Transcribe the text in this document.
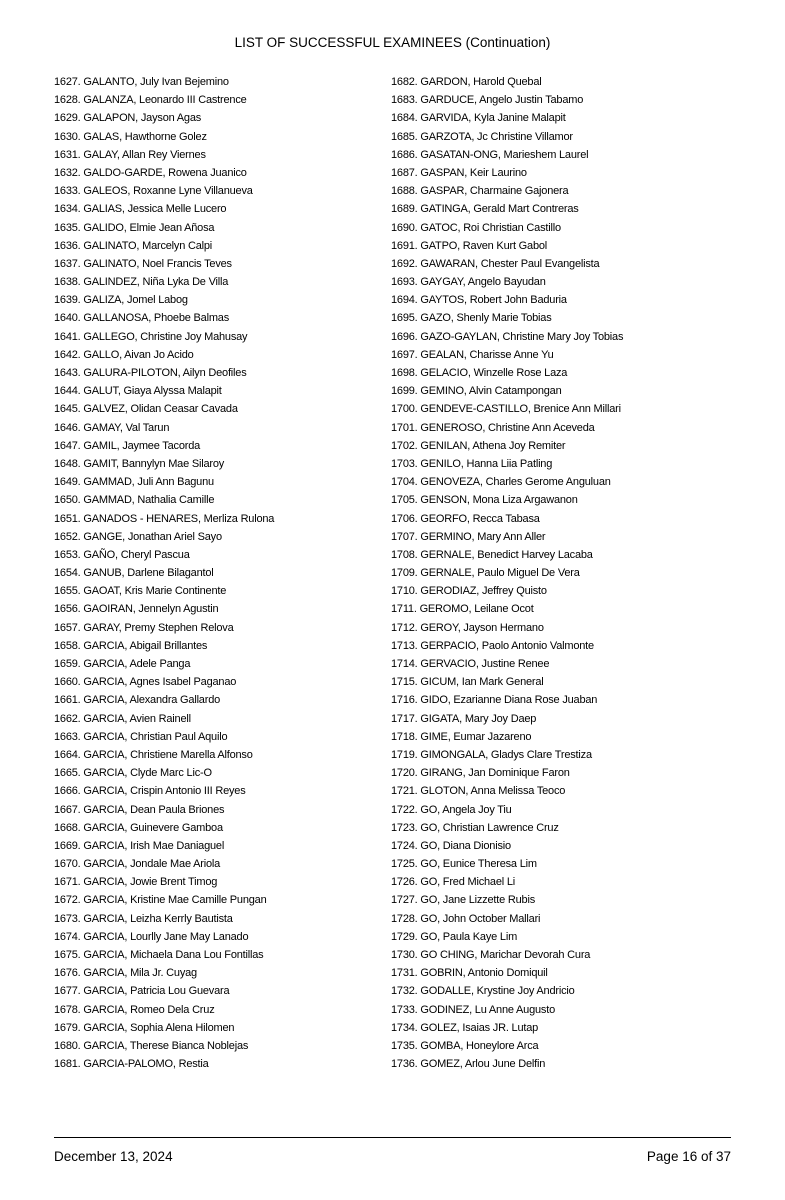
LIST OF SUCCESSFUL EXAMINEES (Continuation)
1627. GALANTO, July Ivan Bejemino
1628. GALANZA, Leonardo III Castrence
1629. GALAPON, Jayson Agas
1630. GALAS, Hawthorne Golez
1631. GALAY, Allan Rey Viernes
1632. GALDO-GARDE, Rowena Juanico
1633. GALEOS, Roxanne Lyne Villanueva
1634. GALIAS, Jessica Melle Lucero
1635. GALIDO, Elmie Jean Añosa
1636. GALINATO, Marcelyn Calpi
1637. GALINATO, Noel Francis Teves
1638. GALINDEZ, Niña Lyka De Villa
1639. GALIZA, Jomel Labog
1640. GALLANOSA, Phoebe Balmas
1641. GALLEGO, Christine Joy Mahusay
1642. GALLO, Aivan Jo Acido
1643. GALURA-PILOTON, Ailyn Deofiles
1644. GALUT, Giaya Alyssa Malapit
1645. GALVEZ, Olidan Ceasar Cavada
1646. GAMAY, Val Tarun
1647. GAMIL, Jaymee Tacorda
1648. GAMIT, Bannylyn Mae Silaroy
1649. GAMMAD, Juli Ann Bagunu
1650. GAMMAD, Nathalia Camille
1651. GANADOS - HENARES, Merliza Rulona
1652. GANGE, Jonathan Ariel Sayo
1653. GAÑO, Cheryl Pascua
1654. GANUB, Darlene Bilagantol
1655. GAOAT, Kris Marie Continente
1656. GAOIRAN, Jennelyn Agustin
1657. GARAY, Premy Stephen Relova
1658. GARCIA, Abigail Brillantes
1659. GARCIA, Adele Panga
1660. GARCIA, Agnes Isabel Paganao
1661. GARCIA, Alexandra Gallardo
1662. GARCIA, Avien Rainell
1663. GARCIA, Christian Paul Aquilo
1664. GARCIA, Christiene Marella Alfonso
1665. GARCIA, Clyde Marc Lic-O
1666. GARCIA, Crispin Antonio III Reyes
1667. GARCIA, Dean Paula Briones
1668. GARCIA, Guinevere Gamboa
1669. GARCIA, Irish Mae Daniaguel
1670. GARCIA, Jondale Mae Ariola
1671. GARCIA, Jowie Brent Timog
1672. GARCIA, Kristine Mae Camille Pungan
1673. GARCIA, Leizha Kerrly Bautista
1674. GARCIA, Lourlly Jane May Lanado
1675. GARCIA, Michaela Dana Lou Fontillas
1676. GARCIA, Mila Jr. Cuyag
1677. GARCIA, Patricia Lou Guevara
1678. GARCIA, Romeo Dela Cruz
1679. GARCIA, Sophia Alena Hilomen
1680. GARCIA, Therese Bianca Noblejas
1681. GARCIA-PALOMO, Restia
1682. GARDON, Harold Quebal
1683. GARDUCE, Angelo Justin Tabamo
1684. GARVIDA, Kyla Janine Malapit
1685. GARZOTA, Jc Christine Villamor
1686. GASATAN-ONG, Marieshem Laurel
1687. GASPAN, Keir Laurino
1688. GASPAR, Charmaine Gajonera
1689. GATINGA, Gerald Mart Contreras
1690. GATOC, Roi Christian Castillo
1691. GATPO, Raven Kurt Gabol
1692. GAWARAN, Chester Paul Evangelista
1693. GAYGAY, Angelo Bayudan
1694. GAYTOS, Robert John Baduria
1695. GAZO, Shenly Marie Tobias
1696. GAZO-GAYLAN, Christine Mary Joy Tobias
1697. GEALAN, Charisse Anne Yu
1698. GELACIO, Winzelle Rose Laza
1699. GEMINO, Alvin Catampongan
1700. GENDEVE-CASTILLO, Brenice Ann Millari
1701. GENEROSO, Christine Ann Aceveda
1702. GENILAN, Athena Joy Remiter
1703. GENILO, Hanna Liia Patling
1704. GENOVEZA, Charles Gerome Anguluan
1705. GENSON, Mona Liza Argawanon
1706. GEORFO, Recca Tabasa
1707. GERMINO, Mary Ann Aller
1708. GERNALE, Benedict Harvey Lacaba
1709. GERNALE, Paulo Miguel De Vera
1710. GERODIAZ, Jeffrey Quisto
1711. GEROMO, Leilane Ocot
1712. GEROY, Jayson Hermano
1713. GERPACIO, Paolo Antonio Valmonte
1714. GERVACIO, Justine Renee
1715. GICUM, Ian Mark General
1716. GIDO, Ezarianne Diana Rose Juaban
1717. GIGATA, Mary Joy Daep
1718. GIME, Eumar Jazareno
1719. GIMONGALA, Gladys Clare Trestiza
1720. GIRANG, Jan Dominique Faron
1721. GLOTON, Anna Melissa Teoco
1722. GO, Angela Joy Tiu
1723. GO, Christian Lawrence Cruz
1724. GO, Diana Dionisio
1725. GO, Eunice Theresa Lim
1726. GO, Fred Michael Li
1727. GO, Jane Lizzette Rubis
1728. GO, John October Mallari
1729. GO, Paula Kaye Lim
1730. GO CHING, Marichar Devorah Cura
1731. GOBRIN, Antonio Domiquil
1732. GODALLE, Krystine Joy Andricio
1733. GODINEZ, Lu Anne Augusto
1734. GOLEZ, Isaias JR. Lutap
1735. GOMBA, Honeylore Arca
1736. GOMEZ, Arlou June Delfin
December 13, 2024	Page 16 of 37
